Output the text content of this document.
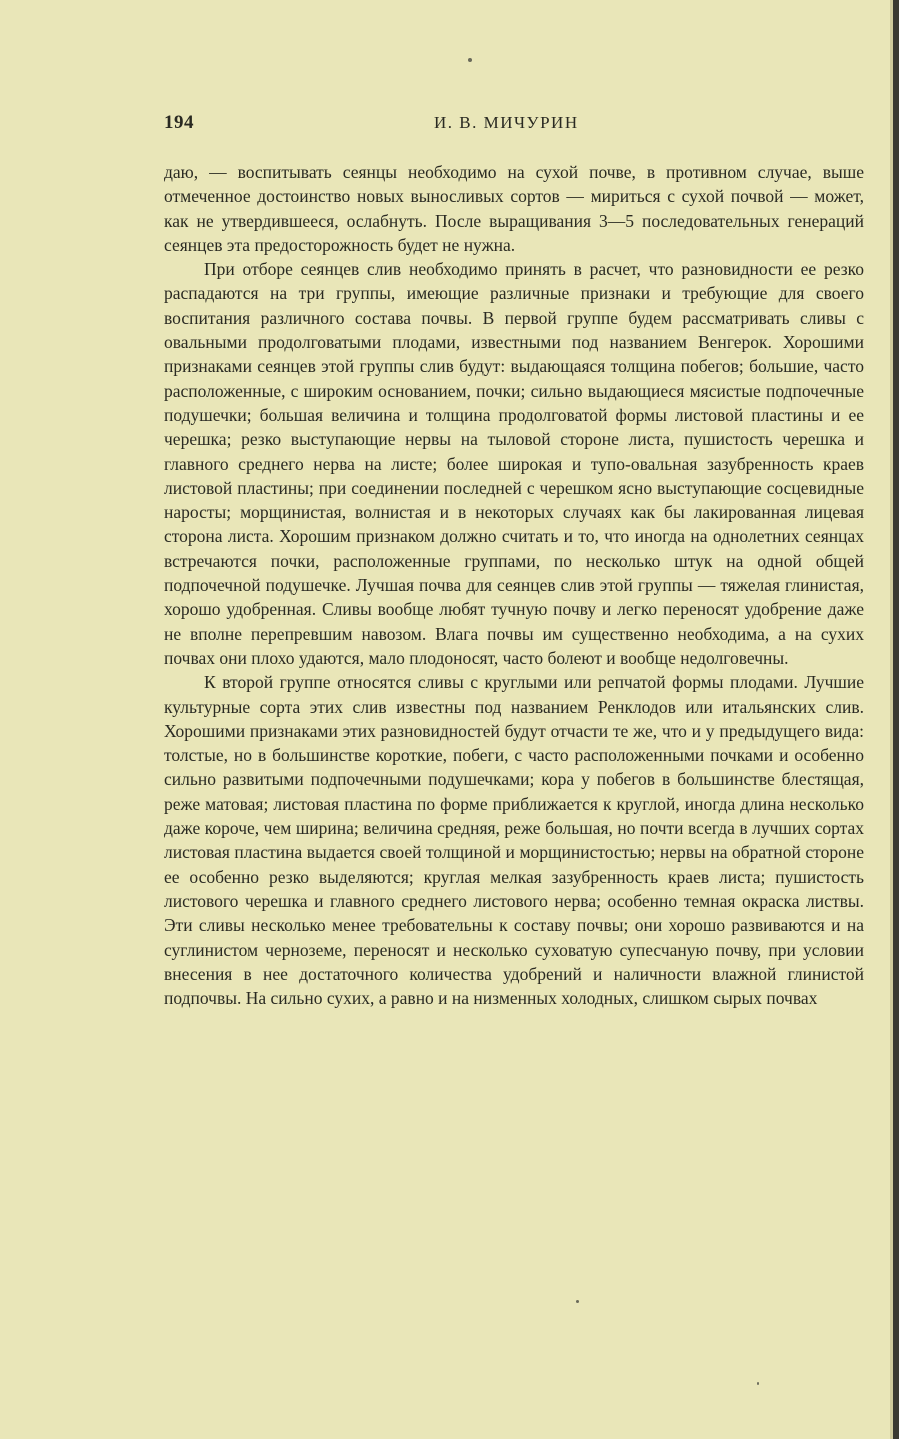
194	И. В. МИЧУРИН

даю, — воспитывать сеянцы необходимо на сухой почве, в противном случае, выше отмеченное достоинство новых выносливых сортов — мириться с сухой почвой — может, как не утвердившееся, ослабнуть. После выращивания 3—5 последовательных генераций сеянцев эта предосторожность будет не нужна.

При отборе сеянцев слив необходимо принять в расчет, что разновидности ее резко распадаются на три группы, имеющие различные признаки и требующие для своего воспитания различного состава почвы. В первой группе будем рассматривать сливы с овальными продолговатыми плодами, известными под названием Венгерок. Хорошими признаками сеянцев этой группы слив будут: выдающаяся толщина побегов; большие, часто расположенные, с широким основанием, почки; сильно выдающиеся мясистые подпочечные подушечки; большая величина и толщина продолговатой формы листовой пластины и ее черешка; резко выступающие нервы на тыловой стороне листа, пушистость черешка и главного среднего нерва на листе; более широкая и тупо-овальная зазубренность краев листовой пластины; при соединении последней с черешком ясно выступающие сосцевидные наросты; морщинистая, волнистая и в некоторых случаях как бы лакированная лицевая сторона листа. Хорошим признаком должно считать и то, что иногда на однолетних сеянцах встречаются почки, расположенные группами, по несколько штук на одной общей подпочечной подушечке. Лучшая почва для сеянцев слив этой группы — тяжелая глинистая, хорошо удобренная. Сливы вообще любят тучную почву и легко переносят удобрение даже не вполне перепревшим навозом. Влага почвы им существенно необходима, а на сухих почвах они плохо удаются, мало плодоносят, часто болеют и вообще недолговечны.

К второй группе относятся сливы с круглыми или репчатой формы плодами. Лучшие культурные сорта этих слив известны под названием Ренклодов или итальянских слив. Хорошими признаками этих разновидностей будут отчасти те же, что и у предыдущего вида: толстые, но в большинстве короткие, побеги, с часто расположенными почками и особенно сильно развитыми подпочечными подушечками; кора у побегов в большинстве блестящая, реже матовая; листовая пластина по форме приближается к круглой, иногда длина несколько даже короче, чем ширина; величина средняя, реже большая, но почти всегда в лучших сортах листовая пластина выдается своей толщиной и морщинистостью; нервы на обратной стороне ее особенно резко выделяются; круглая мелкая зазубренность краев листа; пушистость листового черешка и главного среднего листового нерва; особенно темная окраска листвы. Эти сливы несколько менее требовательны к составу почвы; они хорошо развиваются и на суглинистом черноземе, переносят и несколько суховатую супесчаную почву, при условии внесения в нее достаточного количества удобрений и наличности влажной глинистой подпочвы. На сильно сухих, а равно и на низменных холодных, слишком сырых почвах
